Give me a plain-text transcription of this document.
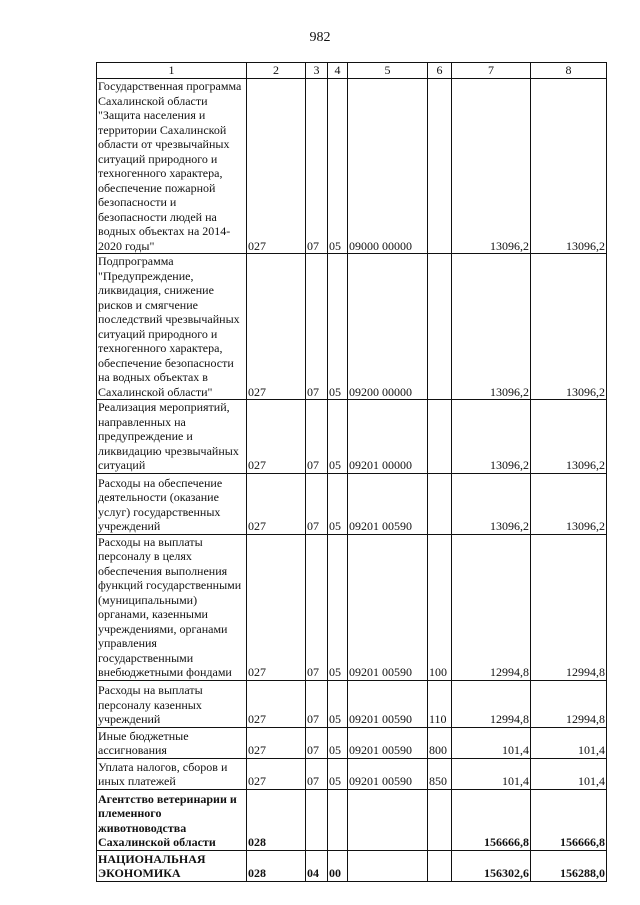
982
1	2	3	4	5	6	7	8
Государственная программа Сахалинской области "Защита населения и территории Сахалинской области от чрезвычайных ситуаций природного и техногенного характера, обеспечение пожарной безопасности и безопасности людей на водных объектах на 2014-2020 годы"	027	07	05	09000 00000		13096,2	13096,2
Подпрограмма "Предупреждение, ликвидация, снижение рисков и смягчение последствий чрезвычайных ситуаций природного и техногенного характера, обеспечение безопасности на водных объектах в Сахалинской области"	027	07	05	09200 00000		13096,2	13096,2
Реализация мероприятий, направленных на предупреждение и ликвидацию чрезвычайных ситуаций	027	07	05	09201 00000		13096,2	13096,2
Расходы на обеспечение деятельности (оказание услуг) государственных учреждений	027	07	05	09201 00590		13096,2	13096,2
Расходы на выплаты персоналу в целях обеспечения выполнения функций государственными (муниципальными) органами, казенными учреждениями, органами управления государственными внебюджетными фондами	027	07	05	09201 00590	100	12994,8	12994,8
Расходы на выплаты персоналу казенных учреждений	027	07	05	09201 00590	110	12994,8	12994,8
Иные бюджетные ассигнования	027	07	05	09201 00590	800	101,4	101,4
Уплата налогов, сборов и иных платежей	027	07	05	09201 00590	850	101,4	101,4
Агентство ветеринарии и племенного животноводства Сахалинской области	028					156666,8	156666,8
НАЦИОНАЛЬНАЯ ЭКОНОМИКА	028	04	00			156302,6	156288,0
